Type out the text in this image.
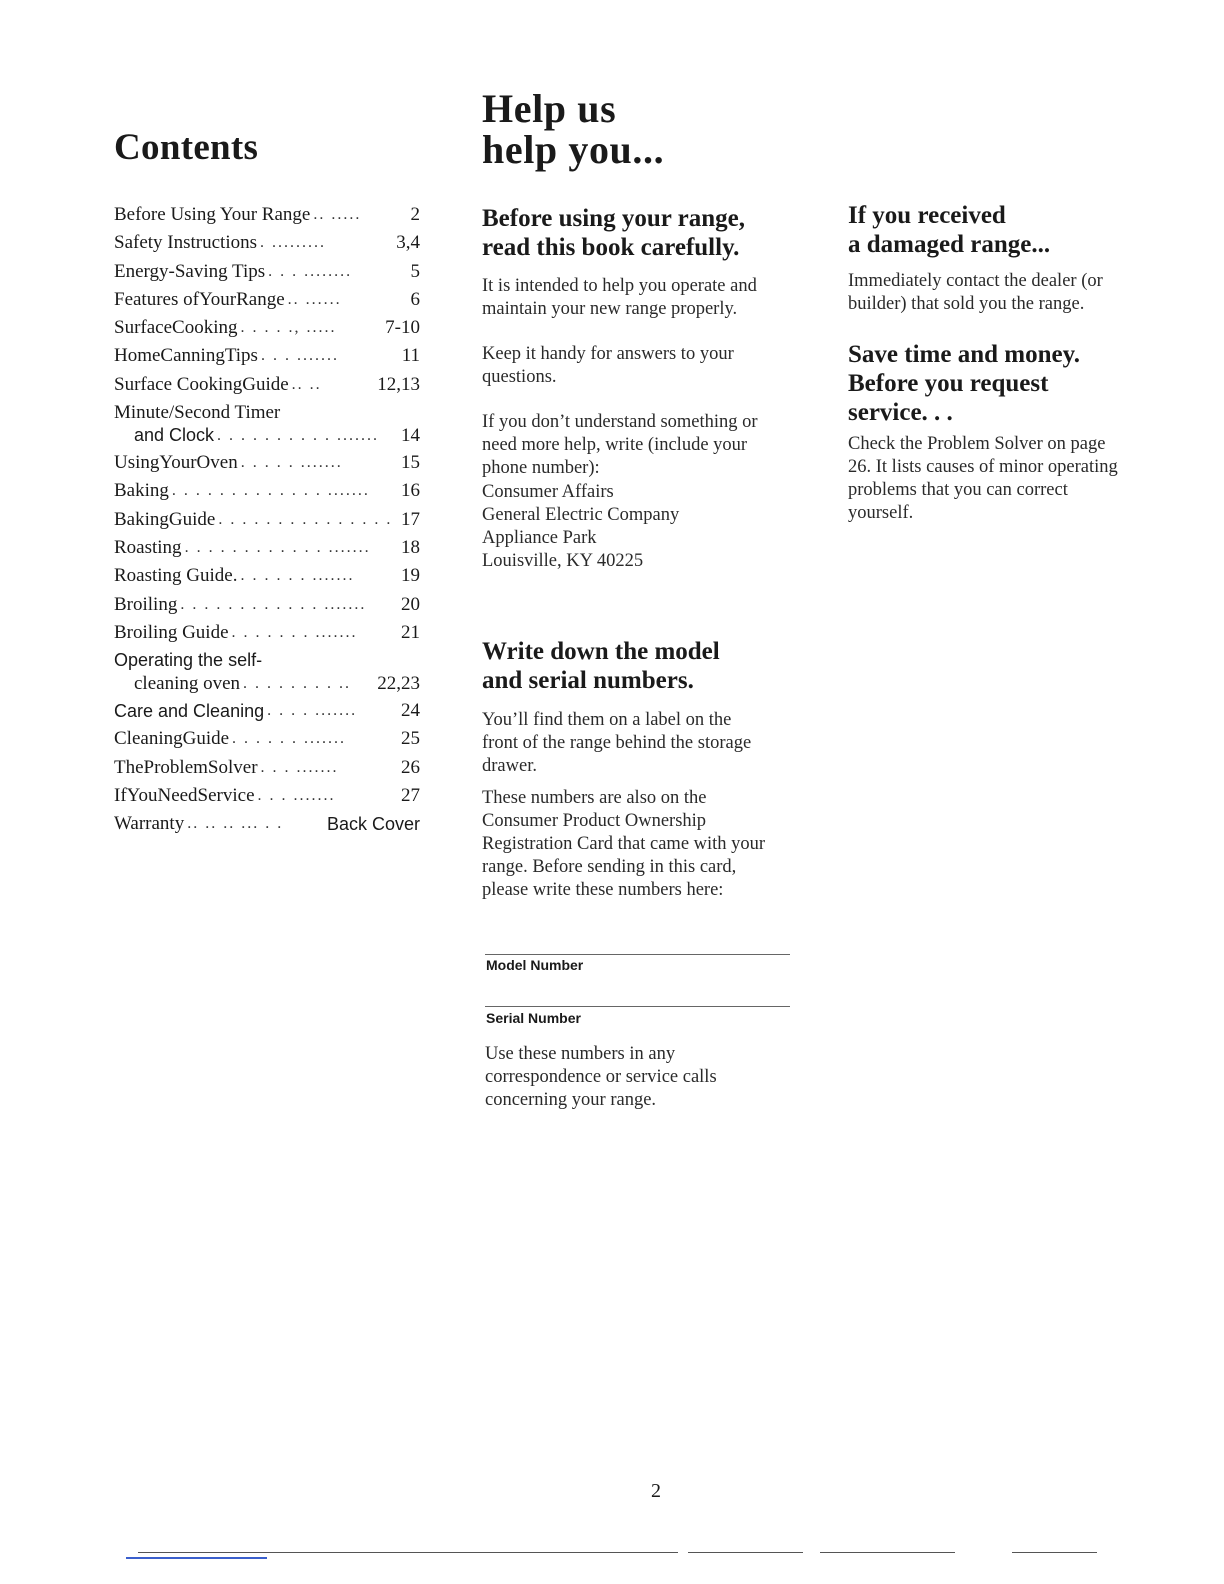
Contents
Before Using Your Range .. .....	2
Safety Instructions . .........	3,4
Energy-Saving Tips . . . ........	5
Features ofYourRange .. ......	6
SurfaceCooking . . . . ., .....	7-10
HomeCanningTips . . . .......	11
Surface CookingGuide .. ..	12,13
Minute/Second Timer
and Clock . . . . . . . . . . .......	14
UsingYourOven . . . . . .......	15
Baking . . . . . . . . . . . . . .......	16
BakingGuide . . . . . . . . . . . . . . . 17
Roasting . . . . . . . . . . . . .......	18
Roasting Guide. . . . . . . .......	19
Broiling . . . . . . . . . . . . .......	20
Broiling Guide . . . . . . . .......	21
Operating the self-
cleaning oven . . . . . . . . ..	22,23
Care and Cleaning . . . . .......	24
CleaningGuide . . . . . . .......	25
TheProblemSolver . . . .......	26
IfYouNeedService . . . .......	27
Warranty .. .. .. ... . .	Back Cover
Help us
help you...
Before using your range,
read this book carefully.
It is intended to help you operate and maintain your new range properly.
Keep it handy for answers to your questions.
If you don’t understand something or need more help, write (include your phone number):
Consumer Affairs
General Electric Company
Appliance Park
Louisville, KY 40225
Write down the model
and serial numbers.
You’ll find them on a label on the front of the range behind the storage drawer.
These numbers are also on the Consumer Product Ownership Registration Card that came with your range. Before sending in this card, please write these numbers here:
Model Number
Serial Number
Use these numbers in any correspondence or service calls concerning your range.
If you received
a damaged range...
Immediately contact the dealer (or builder) that sold you the range.
Save time and money.
Before you request
service. . .
Check the Problem Solver on page 26. It lists causes of minor operating problems that you can correct yourself.
2
